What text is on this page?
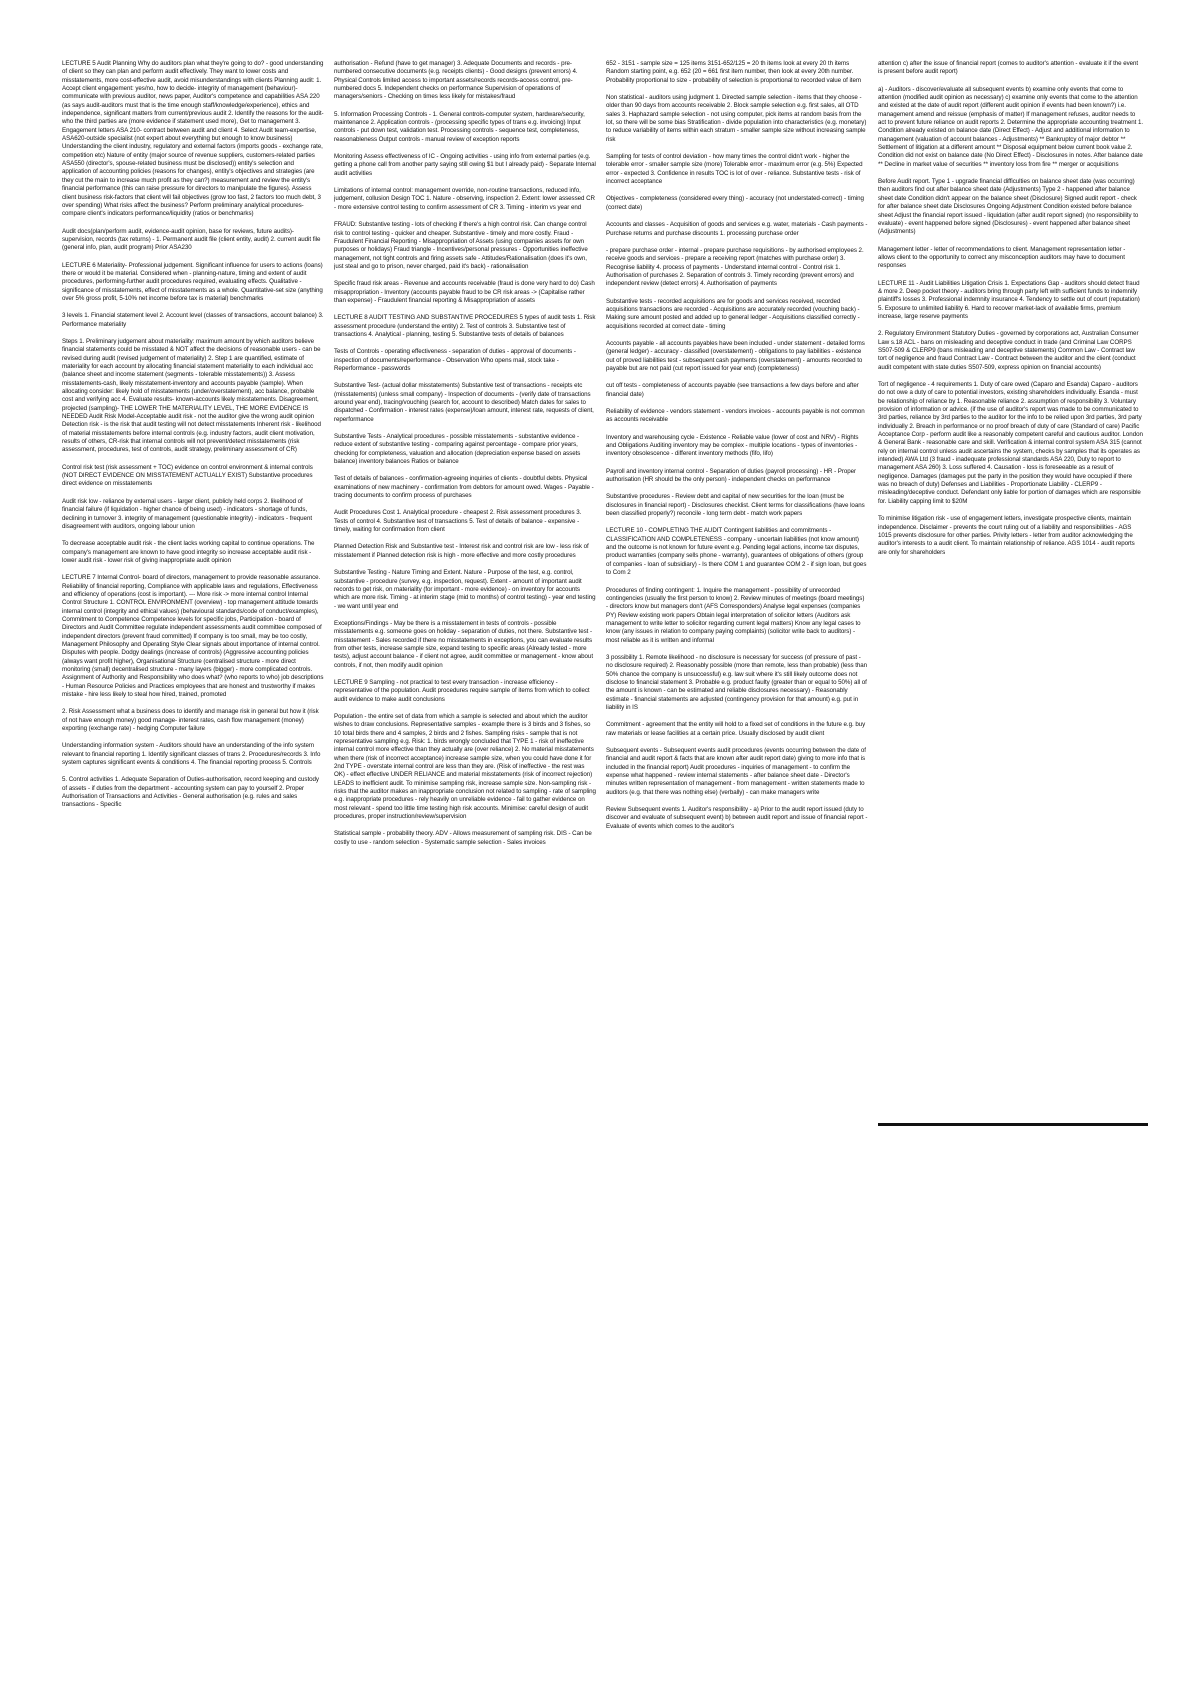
LECTURE 5 Audit Planning Why do auditors plan what they're going to do? - good understanding of client so they can plan and perform audit effectively. They want to lower costs and misstatements, more cost-effective audit, avoid misunderstandings with clients Planning audit: 1. Accept client engagement: yes/no, how to decide- integrity of management (behaviour)- communicate with previous auditor, news paper, Auditor's competence and capabilities ASA 220 (as says audit-auditors must that is the time enough staff/knowledge/experience), ethics and independence, significant matters from current/previous audit 2. Identify the reasons for the audit-who the third parties are (more evidence if statement used more), Get to management 3. Engagement letters ASA 210- contract between audit and client 4. Select Audit team-expertise, ASA620-outside specialist (not expert about everything but enough to know business) Understanding the client industry, regulatory and external factors (imports goods - exchange rate, competition etc) Nature of entity (major source of revenue suppliers, customers-related parties ASA550 (director's, spouse-related business must be disclosed)) entity's selection and application of accounting policies (reasons for changes), entity's objectives and strategies (are they cut the main to increase much profit as they can?) measurement and review the entity's financial performance (this can raise pressure for directors to manipulate the figures). Assess client business risk-factors that client will fail objectives (grow too fast, 2 factors too much debt, 3 over spending) What risks affect the business? Perform preliminary analytical procedures-compare client's indicators performance/liquidity (ratios or benchmarks)

Audit docs(plan/perform audit, evidence-audit opinion, base for reviews, future audits)- supervision, records (tax returns) - 1. Permanent audit file (client entity, audit) 2. current audit file (general info, plan, audit program) Prior ASA230

LECTURE 6 Materiality- Professional judgement. Significant influence for users to actions (loans) there or would it be material. Considered when - planning-nature, timing and extent of audit procedures, performing-further audit procedures required, evaluating effects. Qualitative - significance of misstatements, effect of misstatements as a whole. Quantitative-set size (anything over 5% gross profit, 5-10% net income before tax is material) benchmarks

3 levels 1. Financial statement level 2. Account level (classes of transactions, account balance) 3. Performance materiality

Steps 1. Preliminary judgement about materiality: maximum amount by which auditors believe financial statements could be misstated & NOT affect the decisions of reasonable users - can be revised during audit (revised judgement of materiality) 2. Step 1 are quantified, estimate of materiality for each account by allocating financial statement materiality to each individual acc (balance sheet and income statement (segments - tolerable misstatements)) 3. Assess misstatements-cash, likely misstatement-inventory and accounts payable (sample). When allocating consider: likely hold of misstatements (under/overstatement), acc balance, probable cost and verifying acc 4. Evaluate results- known-accounts likely misstatements. Disagreement, projected (sampling)- THE LOWER THE MATERIALITY LEVEL, THE MORE EVIDENCE IS NEEDED Audit Risk Model-Acceptable audit risk - not the auditor give the wrong audit opinion Detection risk - is the risk that audit testing will not detect misstatements Inherent risk - likelihood of material misstatements before internal controls (e.g. industry factors, audit client motivation, results of others, CR-risk that internal controls will not prevent/detect misstatements (risk assessment, procedures, test of controls, audit strategy, preliminary assessment of CR)

Control risk test (risk assessment + TOC) evidence on control environment & internal controls (NOT DIRECT EVIDENCE ON MISSTATEMENT ACTUALLY EXIST) Substantive procedures direct evidence on misstatements

Audit risk low - reliance by external users - larger client, publicly held corps 2. likelihood of financial failure (if liquidation - higher chance of being used) - indicators - shortage of funds, declining in turnover 3. integrity of management (questionable integrity) - indicators - frequent disagreement with auditors, ongoing labour union

To decrease acceptable audit risk - the client lacks working capital to continue operations. The company's management are known to have good integrity so increase acceptable audit risk - lower audit risk - lower risk of giving inappropriate audit opinion

LECTURE 7 Internal Control- board of directors, management to provide reasonable assurance. Reliability of financial reporting, Compliance with applicable laws and regulations, Effectiveness and efficiency of operations (cost is important). --- More risk -> more internal control Internal Control Structure 1. CONTROL ENVIRONMENT (overview) - top management attitude towards internal control (integrity and ethical values) (behavioural standards/code of conduct/examples), Commitment to Competence Competence levels for specific jobs, Participation - board of Directors and Audit Committee regulate independent assessments audit committee composed of independent directors (prevent fraud committed) If company is too small, may be too costly, Management Philosophy and Operating Style Clear signals about importance of internal control. Disputes with people. Dodgy dealings (increase of controls) (Aggressive accounting policies (always want profit higher), Organisational Structure (centralised structure - more direct monitoring (small) decentralised structure - many layers (bigger) - more complicated controls. Assignment of Authority and Responsibility who does what? (who reports to who) job descriptions - Human Resource Policies and Practices employees that are honest and trustworthy if makes mistake - hire less likely to steal how hired, trained, promoted

2. Risk Assessment what a business does to identify and manage risk in general but how it (risk of not have enough money) good manage- interest rates, cash flow management (money) exporting (exchange rate) - hedging Computer failure

Understanding information system - Auditors should have an understanding of the info system relevant to financial reporting 1. Identify significant classes of trans 2. Procedures/records 3. Info system captures significant events & conditions 4. The financial reporting process 5. Controls

5. Control activities 1. Adequate Separation of Duties-authorisation, record keeping and custody of assets - if duties from the department - accounting system can pay to yourself 2. Proper Authorisation of Transactions and Activities - General authorisation (e.g. rules and sales transactions - Specific

authorisation - Refund (have to get manager) 3. Adequate Documents and records - pre-numbered consecutive documents (e.g. receipts clients) - Good designs (prevent errors) 4. Physical Controls limited access to important assets/records records-access control, pre-numbered docs 5. Independent checks on performance Supervision of operations of managers/seniors - Checking on times less likely for mistakes/fraud

5. Information Processing Controls - 1. General controls-computer system, hardware/security, maintenance 2. Application controls - (processing specific types of trans e.g. invoicing) Input controls - put down test, validation test. Processing controls - sequence test, completeness, reasonableness Output controls - manual review of exception reports

Monitoring Assess effectiveness of IC - Ongoing activities - using info from external parties (e.g. getting a phone call from another party saying still owing $1 but I already paid) - Separate Internal audit activities

Limitations of internal control: management override, non-routine transactions, reduced info, judgement, collusion Design TOC 1. Nature - observing, inspection 2. Extent: lower assessed CR - more extensive control testing to confirm assessment of CR 3. Timing - interim vs year end

FRAUD: Substantive testing - lots of checking if there's a high control risk. Can change control risk to control testing - quicker and cheaper. Substantive - timely and more costly. Fraud - Fraudulent Financial Reporting - Misappropriation of Assets (using companies assets for own purposes or holidays) Fraud triangle - Incentives/personal pressures - Opportunities ineffective management, not tight controls and firing assets safe - Attitudes/Rationalisation (does it's own, just steal and go to prison, never charged, paid it's back) - rationalisation

Specific fraud risk areas - Revenue and accounts receivable (fraud is done very hard to do) Cash misappropriation - Inventory (accounts payable fraud to be CR risk areas -> (Capitalise rather than expense) - Fraudulent financial reporting & Misappropriation of assets

LECTURE 8 AUDIT TESTING AND SUBSTANTIVE PROCEDURES 5 types of audit tests 1. Risk assessment procedure (understand the entity) 2. Test of controls 3. Substantive test of transactions 4. Analytical - planning, testing 5. Substantive tests of details of balances

Tests of Controls - operating effectiveness - separation of duties - approval of documents - inspection of documents/reperformance - Observation Who opens mail, stock take - Reperformance - passwords

Substantive Test- (actual dollar misstatements) Substantive test of transactions - receipts etc (misstatements) (unless small company) - Inspection of documents - (verify date of transactions around year end), tracing/vouching (search for, account to described) Match dates for sales to dispatched - Confirmation - interest rates (expense)/loan amount, interest rate, requests of client, reperformance

Substantive Tests - Analytical procedures - possible misstatements - substantive evidence - reduce extent of substantive testing - comparing against percentage - compare prior years, checking for completeness, valuation and allocation (depreciation expense based on assets balance) inventory balances Ratios or balance

Test of details of balances - confirmation-agreeing inquiries of clients - doubtful debts. Physical examinations of new machinery - confirmation from debtors for amount owed. Wages - Payable - tracing documents to confirm process of purchases

Audit Procedures Cost 1. Analytical procedure - cheapest 2. Risk assessment procedures 3. Tests of control 4. Substantive test of transactions 5. Test of details of balance - expensive - timely, waiting for confirmation from client

Planned Detection Risk and Substantive test - Interest risk and control risk are low - less risk of misstatement if Planned detection risk is high - more effective and more costly procedures

Substantive Testing - Nature Timing and Extent. Nature - Purpose of the test, e.g. control, substantive - procedure (survey, e.g. inspection, request). Extent - amount of important audit records to get risk, on materiality (for important - more evidence) - on inventory for accounts which are more risk. Timing - at interim stage (mid to months) of control testing) - year end testing - we want until year end

Exceptions/Findings - May be there is a misstatement in tests of controls - possible misstatements e.g. someone goes on holiday - separation of duties, not there. Substantive test - misstatement - Sales recorded if there no misstatements in exceptions, you can evaluate results from other tests, increase sample size, expand testing to specific areas (Already tested - more tests), adjust account balance - if client not agree, audit committee or management - know about controls, if not, then modify audit opinion

LECTURE 9 Sampling - not practical to test every transaction - increase efficiency - representative of the population. Audit procedures require sample of items from which to collect audit evidence to make audit conclusions

Population - the entire set of data from which a sample is selected and about which the auditor wishes to draw conclusions. Representative samples - example there is 3 birds and 3 fishes, so 10 total birds there and 4 samples, 2 birds and 2 fishes. Sampling risks - sample that is not representative sampling e.g. Risk: 1. birds wrongly concluded that TYPE 1 - risk of ineffective internal control more effective than they actually are (over reliance) 2. No material misstatements when there (risk of incorrect acceptance) increase sample size, when you could have done it for 2nd TYPE - overstate internal control are less than they are. (Risk of ineffective - the rest was OK) - effect effective UNDER RELIANCE and material misstatements (risk of incorrect rejection) LEADS to inefficient audit. To minimise sampling risk, increase sample size. Non-sampling risk - risks that the auditor makes an inappropriate conclusion not related to sampling - rate of sampling e.g. inappropriate procedures - rely heavily on unreliable evidence - fail to gather evidence on most relevant - spend too little time testing high risk accounts. Minimise: careful design of audit procedures, proper instruction/review/supervision

Statistical sample - probability theory. ADV - Allows measurement of sampling risk. DIS - Can be costly to use - random selection - Systematic sample selection - Sales invoices

652 - 3151 - sample size = 125 items 3151-652/125 = 20 th items look at every 20 th items Random starting point, e.g. 652 (20 = 661 first item number, then look at every 20th number. Probability proportional to size - probability of selection is proportional to recorded value of item

Non statistical - auditors using judgment 1. Directed sample selection - items that they choose - older than 90 days from accounts receivable 2. Block sample selection e.g. first sales, all OTD sales 3. Haphazard sample selection - not using computer, pick items at random basis from the lot, so there will be some bias Stratification - divide population into characteristics (e.g. monetary) to reduce variability of items within each stratum - smaller sample size without increasing sample risk

Sampling for tests of control deviation - how many times the control didn't work - higher the tolerable error - smaller sample size (more) Tolerable error - maximum error (e.g. 5%) Expected error - expected 3. Confidence in results TOC is lot of over - reliance. Substantive tests - risk of incorrect acceptance

Objectives - completeness (considered every thing) - accuracy (not understated-correct) - timing (correct date)

Accounts and classes - Acquisition of goods and services e.g. water, materials - Cash payments - Purchase returns and purchase discounts 1. processing purchase order

- prepare purchase order - internal - prepare purchase requisitions - by authorised employees 2. receive goods and services - prepare a receiving report (matches with purchase order) 3. Recognise liability 4. process of payments - Understand internal control - Control risk 1. Authorisation of purchases 2. Separation of controls 3. Timely recording (prevent errors) and independent review (detect errors) 4. Authorisation of payments

Substantive tests - recorded acquisitions are for goods and services received, recorded acquisitions transactions are recorded - Acquisitions are accurately recorded (vouching back) - Making sure amount posted and added up to general ledger - Acquisitions classified correctly - acquisitions recorded at correct date - timing

Accounts payable - all accounts payables have been included - under statement - detailed forms (general ledger) - accuracy - classified (overstatement) - obligations to pay liabilities - existence out of proved liabilities test - subsequent cash payments (overstatement) - amounts recorded to payable but are not paid (cut report issued for year end) (completeness)

cut off tests - completeness of accounts payable (see transactions a few days before and after financial date)

Reliability of evidence - vendors statement - vendors invoices - accounts payable is not common as accounts receivable

Inventory and warehousing cycle - Existence - Reliable value (lower of cost and NRV) - Rights and Obligations Auditing inventory may be complex - multiple locations - types of inventories - inventory obsolescence - different inventory methods (fifo, lifo)

Payroll and inventory internal control - Separation of duties (payroll processing) - HR - Proper authorisation (HR should be the only person) - independent checks on performance

Substantive procedures - Review debt and capital of new securities for the loan (must be disclosures in financial report) - Disclosures checklist. Client terms for classifications (have loans been classified properly?) reconcile - long term debt - match work papers

LECTURE 10 - COMPLETING THE AUDIT Contingent liabilities and commitments - CLASSIFICATION AND COMPLETENESS - company - uncertain liabilities (not know amount) and the outcome is not known for future event e.g. Pending legal actions, income tax disputes, product warranties (company sells phone - warranty), guarantees of obligations of others (group of companies - loan of subsidiary) - Is there COM 1 and guarantee COM 2 - if sign loan, but goes to Com 2

Procedures of finding contingent: 1. Inquire the management - possibility of unrecorded contingencies (usually the first person to know) 2. Review minutes of meetings (board meetings) - directors know but managers don't (AFS Corresponders) Analyse legal expenses (companies PY) Review existing work papers Obtain legal interpretation of solicitor letters (Auditors ask management to write letter to solicitor regarding current legal matters) Know any legal cases to know (any issues in relation to company paying complaints) (solicitor write back to auditors) - most reliable as it is written and informal

3 possibility 1. Remote likelihood - no disclosure is necessary for success (of pressure of past - no disclosure required) 2. Reasonably possible (more than remote, less than probable) (less than 50% chance the company is unsuccessful) e.g. law suit where it's still likely outcome does not disclose to financial statement 3. Probable e.g. product faulty (greater than or equal to 50%) all of the amount is known - can be estimated and reliable disclosures necessary) - Reasonably estimate - financial statements are adjusted (contingency provision for that amount) e.g. put in liability in IS

Commitment - agreement that the entity will hold to a fixed set of conditions in the future e.g. buy raw materials or lease facilities at a certain price. Usually disclosed by audit client

Subsequent events - Subsequent events audit procedures (events occurring between the date of financial and audit report & facts that are known after audit report date) giving to more info that is included in the financial report) Audit procedures - inquiries of management - to confirm the expense what happened - review internal statements - after balance sheet date - Director's minutes written representation of management - from management - written statements made to auditors (e.g. that there was nothing else) (verbally) - can make managers write

Review Subsequent events 1. Auditor's responsibility - a) Prior to the audit report issued (duty to discover and evaluate of subsequent event) b) between audit report and issue of financial report - Evaluate of events which comes to the auditor's

attention c) after the issue of financial report (comes to auditor's attention - evaluate it if the event is present before audit report)

a) - Auditors - discover/evaluate all subsequent events b) examine only events that come to attention (modified audit opinion as necessary) c) examine only events that come to the attention and existed at the date of audit report (different audit opinion if events had been known?) i.e. management amend and reissue (emphasis of matter) If management refuses, auditor needs to act to prevent future reliance on audit reports 2. Determine the appropriate accounting treatment 1. Condition already existed on balance date (Direct Effect) - Adjust and additional information to management (valuation of account balances - Adjustments) ** Bankruptcy of major debtor ** Settlement of litigation at a different amount ** Disposal equipment below current book value 2. Condition did not exist on balance date (No Direct Effect) - Disclosures in notes. After balance date ** Decline in market value of securities ** inventory loss from fire ** merger or acquisitions

Before Audit report. Type 1 - upgrade financial difficulties on balance sheet date (was occurring) then auditors find out after balance sheet date (Adjustments) Type 2 - happened after balance sheet date Condition didn't appear on the balance sheet (Disclosure) Signed audit report - check for after balance sheet date Disclosures Ongoing Adjustment Condition existed before balance sheet Adjust the financial report issued - liquidation (after audit report signed) (no responsibility to evaluate) - event happened before signed (Disclosures) - event happened after balance sheet (Adjustments)

Management letter - letter of recommendations to client. Management representation letter - allows client to the opportunity to correct any misconception auditors may have to document responses

LECTURE 11 - Audit Liabilities Litigation Crisis 1. Expectations Gap - auditors should detect fraud & more 2. Deep pocket theory - auditors bring through party left with sufficient funds to indemnify plaintiff's losses 3. Professional indemnity insurance 4. Tendency to settle out of court (reputation) 5. Exposure to unlimited liability 6. Hard to recover market-lack of available firms, premium increase, large reserve payments

2. Regulatory Environment Statutory Duties - governed by corporations act, Australian Consumer Law s.18 ACL - bans on misleading and deceptive conduct in trade (and Criminal Law CORPS S507-509 & CLERP9 (bans misleading and deceptive statements) Common Law - Contract law tort of negligence and fraud Contract Law - Contract between the auditor and the client (conduct audit competent with state duties S507-509, express opinion on financial accounts)

Tort of negligence - 4 requirements 1. Duty of care owed (Caparo and Esanda) Caparo - auditors do not owe a duty of care to potential investors, existing shareholders individually. Esanda - must be relationship of reliance by 1. Reasonable reliance 2. assumption of responsibility 3. Voluntary provision of information or advice. (if the use of auditor's report was made to be communicated to 3rd parties, reliance by 3rd parties to the auditor for the info to be relied upon 3rd parties, 3rd party individually 2. Breach in performance or no proof breach of duty of care (Standard of care) Pacific Acceptance Corp - perform audit like a reasonably competent careful and cautious auditor. London & General Bank - reasonable care and skill. Verification & internal control system ASA 315 (cannot rely on internal control unless audit ascertains the system, checks by samples that its operates as intended) AWA Ltd (3 fraud - inadequate professional standards ASA 220, Duty to report to management ASA 260) 3. Loss suffered 4. Causation - loss is foreseeable as a result of negligence. Damages (damages put the party in the position they would have occupied if there was no breach of duty) Defenses and Liabilities - Proportionate Liability - CLERP9 - misleading/deceptive conduct. Defendant only liable for portion of damages which are responsible for. Liability capping limit to $20M

To minimise litigation risk - use of engagement letters, investigate prospective clients, maintain independence. Disclaimer - prevents the court ruling out of a liability and responsibilities - AGS 1015 prevents disclosure for other parties. Privity letters - letter from auditor acknowledging the auditor's interests to a audit client. To maintain relationship of reliance. AGS 1014 - audit reports are only for shareholders
